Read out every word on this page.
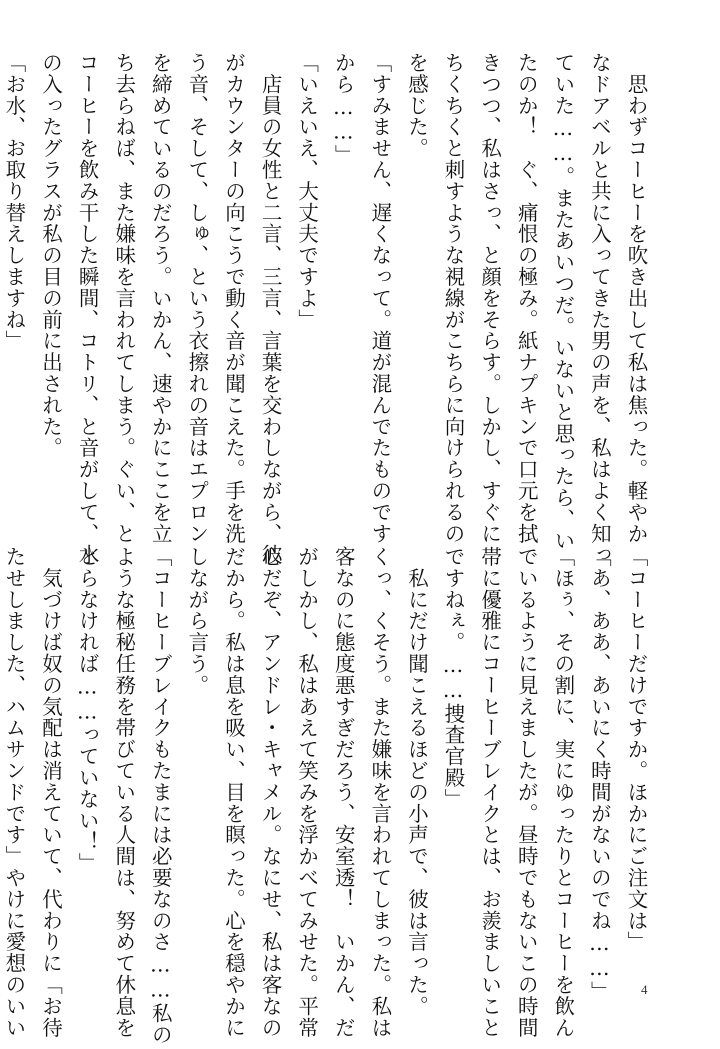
　思わずコーヒーを吹き出して私は焦った。軽やか
なドアベルと共に入ってきた男の声を、私はよく知っ
ていた……。またあいつだ。いないと思ったら、い
たのか！　ぐ、痛恨の極み。紙ナプキンで口元を拭
きつつ、私はさっ、と顔をそらす。しかし、すぐに
ちくちくと刺すような視線がこちらに向けられるの
を感じた。
「すみません、遅くなって。道が混んでたものです
から……」
「いえいえ、大丈夫ですよ」
　店員の女性と二言、三言、言葉を交わしながら、彼
がカウンターの向こうで動く音が聞こえた。手を洗
う音、そして、しゅ、という衣擦れの音はエプロン
を締めているのだろう。いかん、速やかにここを立
ち去らねば、また嫌味を言われてしまう。ぐい、と
コーヒーを飲み干した瞬間、コトリ、と音がして、水
の入ったグラスが私の目の前に出された。
「お水、お取り替えしますね」
「コーヒーだけですか。ほかにご注文は」
「あ、ああ、あいにく時間がないのでね……」
「ほぅ、その割に、実にゆったりとコーヒーを飲ん
でいるように見えましたが。昼時でもないこの時間
帯に優雅にコーヒーブレイクとは、お羨ましいこと
ですねぇ。……捜査官殿」
　私にだけ聞こえるほどの小声で、彼は言った。
くっ、くそう。また嫌味を言われてしまった。私は
客なのに態度悪すぎだろう、安室透！　いかん、だ
がしかし、私はあえて笑みを浮かべてみせた。平常
心だぞ、アンドレ・キャメル。なにせ、私は客なの
だから。私は息を吸い、目を瞑った。心を穏やかに
しながら言う。
「コーヒーブレイクもたまには必要なのさ……私の
ような極秘任務を帯びている人間は、努めて休息を
とらなければ……っていない！」
　気づけば奴の気配は消えていて、代わりに「お待
たせしました、ハムサンドです」やけに愛想のいい	4
